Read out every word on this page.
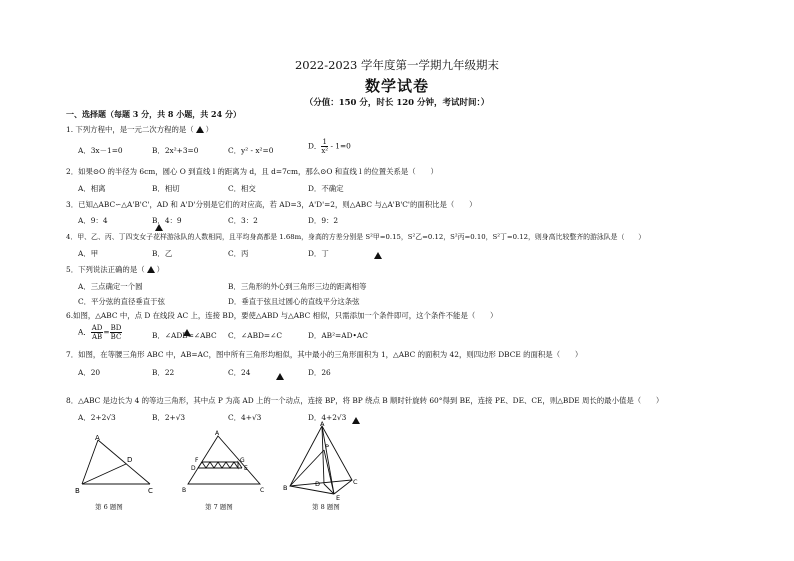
2022-2023 学年度第一学期九年级期末
数学试卷
（分值：150 分，时长 120 分钟，考试时间：）
一、选择题（每题 3 分，共 8 小题，共 24 分）
1. 下列方程中，是一元二次方程的是（ ）
A．3x－1=0	B．2x²+3=0	C．y² - x²=0	D． $\frac{1}{\text{x²}} - 1=0$
2．如果⊙O 的半径为 6cm，圆心 O 到直线 l 的距离为 d，且 d=7cm，那么⊙O 和直线 l 的位置关系是（　　）
A．相离	B．相切	C．相交	D．不确定
3．已知△ABC∽△A'B'C'，AD 和 A'D'分别是它们的对应高，若 AD=3，A'D'=2，则△ABC 与△A'B'C'的面积比是（　　）
A．9：4	B．4：9	C．3：2	D．9：2
4．甲、乙、丙、丁四支女子花样游泳队的人数相同，且平均身高都是 1.68m，身高的方差分别是 S²甲=0.15，S²乙=0.12，S²丙=0.10，S²丁=0.12，则身高比较整齐的游泳队是（　　）
A．甲	B．乙	C．丙	D．丁
5．下列说法正确的是（ ）
A．三点确定一个圆	B．三角形的外心到三角形三边的距离相等
C．平分弦的直径垂直于弦	D．垂直于弦且过圆心的直线平分这条弦
6.如图，△ABC 中，点 D 在线段 AC 上，连接 BD，要使△ABD 与△ABC 相似，只需添加一个条件即可，这个条件不能是（　　）
A． $\frac{AD}{AB} = \frac{BD}{BC}$	B．∠ADB=∠ABC C．∠ABD=∠C	D．AB²=AD•AC
7．如图，在等腰三角形 ABC 中，AB=AC，图中所有三角形均相似，其中最小的三角形面积为 1，△ABC 的面积为 42，则四边形 DBCE 的面积是（　　）
A．20	B．22	C．24	D．26
8．△ABC 是边长为 4 的等边三角形，其中点 P 为高 AD 上的一个动点，连接 BP，将 BP 绕点 B 顺时针旋转 60°得到 BE，连接 PE、DE、CE，则△BDE 周长的最小值是（　　）
A．2+2√3	B．2+√3	C．4+√3	D．4+2√3
A
B	C
D
第 6 题图
A
B	C
D	E
F	G
第 7 题图
A
B
C
D
E
P
第 8 题图
